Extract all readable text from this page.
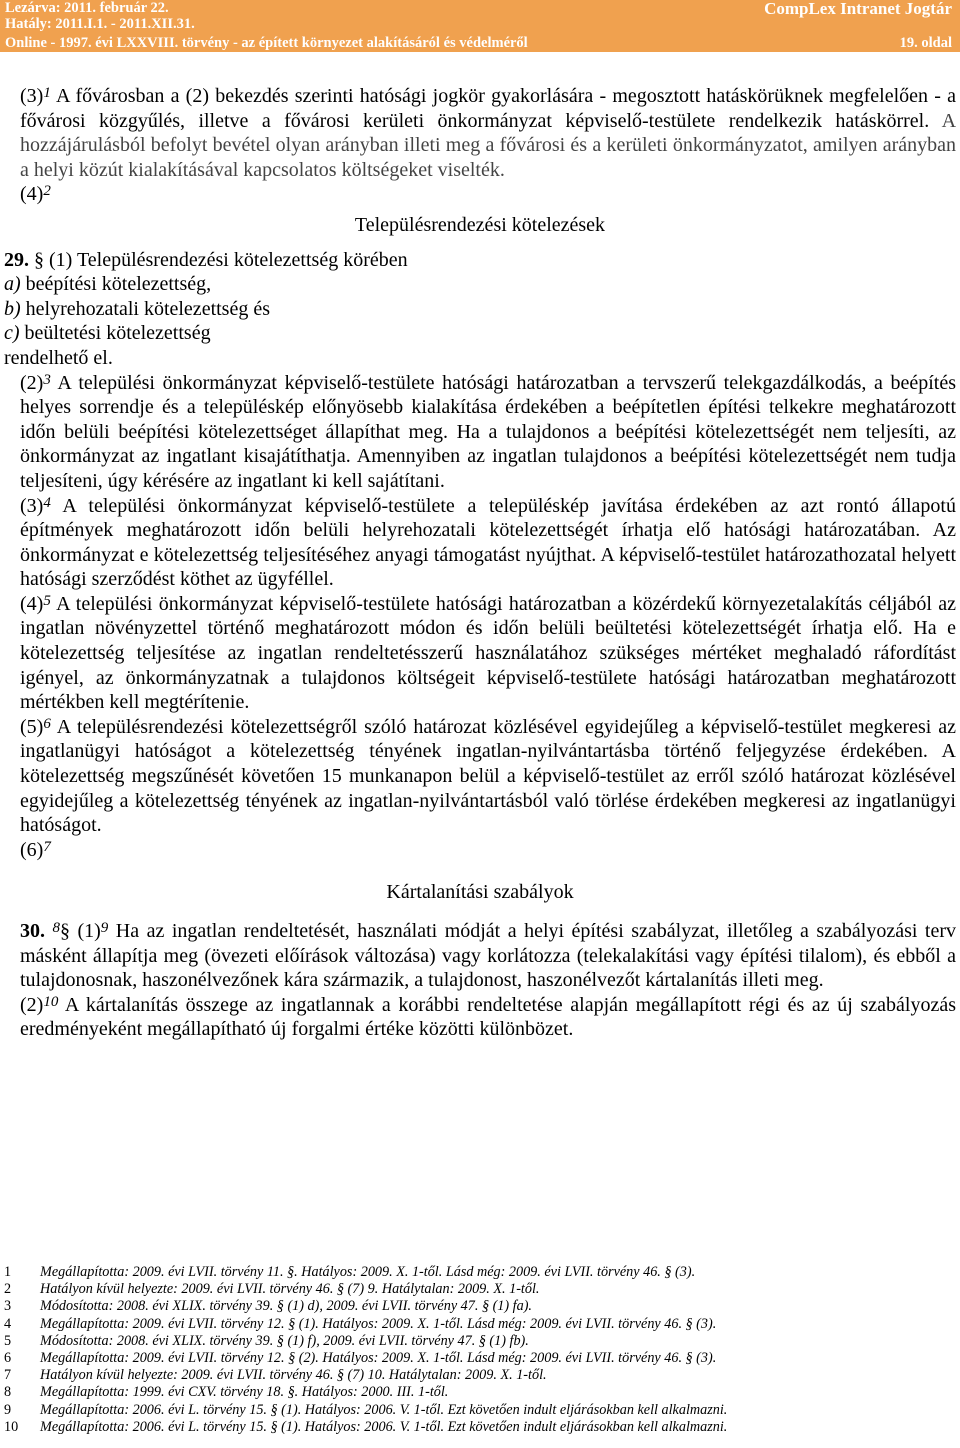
Lezárva: 2011. február 22.	CompLex Intranet Jogtár
Hatály: 2011.I.1. - 2011.XII.31.
Online - 1997. évi LXXVIII. törvény - az épített környezet alakításáról és védelméről	19. oldal

$(3)^1$ A fővárosban a (2) bekezdés szerinti hatósági jogkör gyakorlására - megosztott hatáskörüknek megfelelően - a fővárosi közgyűlés, illetve a fővárosi kerületi önkormányzat képviselő-testülete rendelkezik hatáskörrel. A hozzájárulásból befolyt bevétel olyan arányban illeti meg a fővárosi és a kerületi önkormányzatot, amilyen arányban a helyi közút kialakításával kapcsolatos költségeket viselték.

$(4)^2$

Településrendezési kötelezések

29. § (1) Településrendezési kötelezettség körében

a) beépítési kötelezettség,

b) helyrehozatali kötelezettség és

c) beültetési kötelezettség

rendelhető el.

$(2)^3$ A települési önkormányzat képviselő-testülete hatósági határozatban a tervszerű telekgazdálkodás, a beépítés helyes sorrendje és a településkép előnyösebb kialakítása érdekében a beépítetlen építési telkekre meghatározott időn belüli beépítési kötelezettséget állapíthat meg. Ha a tulajdonos a beépítési kötelezettségét nem teljesíti, az önkormányzat az ingatlant kisajátíthatja. Amennyiben az ingatlan tulajdonos a beépítési kötelezettségét nem tudja teljesíteni, úgy kérésére az ingatlant ki kell sajátítani.

$(3)^4$ A települési önkormányzat képviselő-testülete a településkép javítása érdekében az azt rontó állapotú építmények meghatározott időn belüli helyrehozatali kötelezettségét írhatja elő hatósági határozatában. Az önkormányzat e kötelezettség teljesítéséhez anyagi támogatást nyújthat. A képviselő-testület határozathozatal helyett hatósági szerződést köthet az ügyféllel.

$(4)^5$ A települési önkormányzat képviselő-testülete hatósági határozatban a közérdekű környezetalakítás céljából az ingatlan növényzettel történő meghatározott módon és időn belüli beültetési kötelezettségét írhatja elő. Ha e kötelezettség teljesítése az ingatlan rendeltetésszerű használatához szükséges mértéket meghaladó ráfordítást igényel, az önkormányzatnak a tulajdonos költségeit képviselő-testülete hatósági határozatban meghatározott mértékben kell megtérítenie.

$(5)^6$ A településrendezési kötelezettségről szóló határozat közlésével egyidejűleg a képviselő-testület megkeresi az ingatlanügyi hatóságot a kötelezettség tényének ingatlan-nyilvántartásba történő feljegyzése érdekében. A kötelezettség megszűnését követően 15 munkanapon belül a képviselő-testület az erről szóló határozat közlésével egyidejűleg a kötelezettség tényének az ingatlan-nyilvántartásból való törlése érdekében megkeresi az ingatlanügyi hatóságot.

$(6)^7$

Kártalanítási szabályok

30. $^8$§ $(1)^9$ Ha az ingatlan rendeltetését, használati módját a helyi építési szabályzat, illetőleg a szabályozási terv másként állapítja meg (övezeti előírások változása) vagy korlátozza (telekalakítási vagy építési tilalom), és ebből a tulajdonosnak, haszonélvezőnek kára származik, a tulajdonost, haszonélvezőt kártalanítás illeti meg.

$(2)^{10}$ A kártalanítás összege az ingatlannak a korábbi rendeltetése alapján megállapított régi és az új szabályozás eredményeként megállapítható új forgalmi értéke közötti különbözet.

1 Megállapította: 2009. évi LVII. törvény 11. §. Hatályos: 2009. X. 1-től. Lásd még: 2009. évi LVII. törvény 46. § (3).
2 Hatályon kívül helyezte: 2009. évi LVII. törvény 46. § (7) 9. Hatálytalan: 2009. X. 1-től.
3 Módosította: 2008. évi XLIX. törvény 39. § (1) d), 2009. évi LVII. törvény 47. § (1) fa).
4 Megállapította: 2009. évi LVII. törvény 12. § (1). Hatályos: 2009. X. 1-től. Lásd még: 2009. évi LVII. törvény 46. § (3).
5 Módosította: 2008. évi XLIX. törvény 39. § (1) f), 2009. évi LVII. törvény 47. § (1) fb).
6 Megállapította: 2009. évi LVII. törvény 12. § (2). Hatályos: 2009. X. 1-től. Lásd még: 2009. évi LVII. törvény 46. § (3).
7 Hatályon kívül helyezte: 2009. évi LVII. törvény 46. § (7) 10. Hatálytalan: 2009. X. 1-től.
8 Megállapította: 1999. évi CXV. törvény 18. §. Hatályos: 2000. III. 1-től.
9 Megállapította: 2006. évi L. törvény 15. § (1). Hatályos: 2006. V. 1-től. Ezt követően indult eljárásokban kell alkalmazni.
10 Megállapította: 2006. évi L. törvény 15. § (1). Hatályos: 2006. V. 1-től. Ezt követően indult eljárásokban kell alkalmazni.
